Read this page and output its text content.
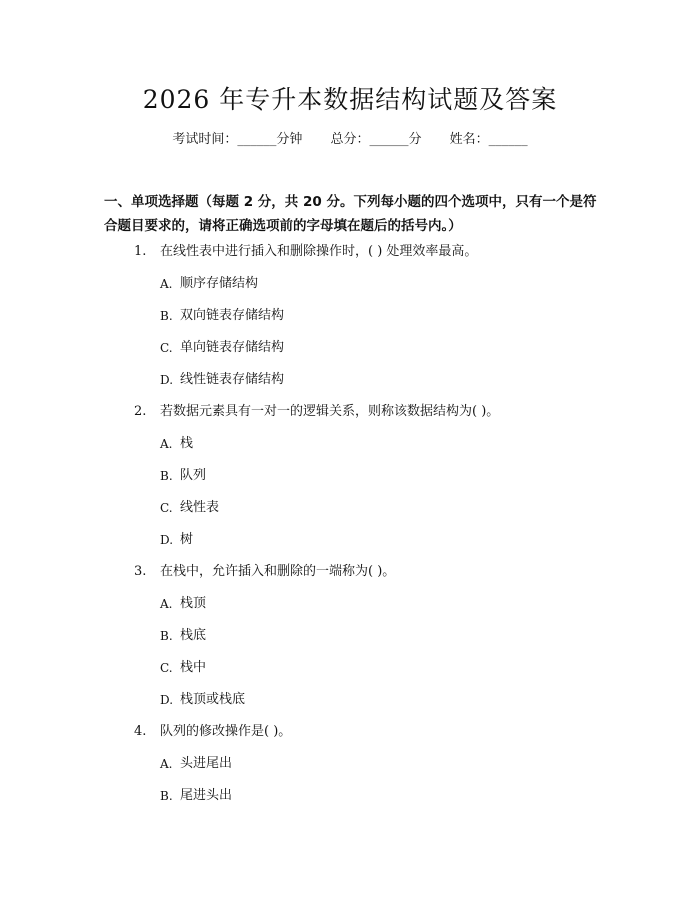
2026 年专升本数据结构试题及答案
考试时间：______分钟 总分：______分 姓名：______
一、单项选择题（每题 2 分，共 20 分。下列每小题的四个选项中，只有一个是符合题目要求的，请将正确选项前的字母填在题后的括号内。）
1. 在线性表中进行插入和删除操作时，( ) 处理效率最高。
A. 顺序存储结构
B. 双向链表存储结构
C. 单向链表存储结构
D. 线性链表存储结构
2. 若数据元素具有一对一的逻辑关系，则称该数据结构为( )。
A. 栈
B. 队列
C. 线性表
D. 树
3. 在栈中，允许插入和删除的一端称为( )。
A. 栈顶
B. 栈底
C. 栈中
D. 栈顶或栈底
4. 队列的修改操作是( )。
A. 头进尾出
B. 尾进头出
